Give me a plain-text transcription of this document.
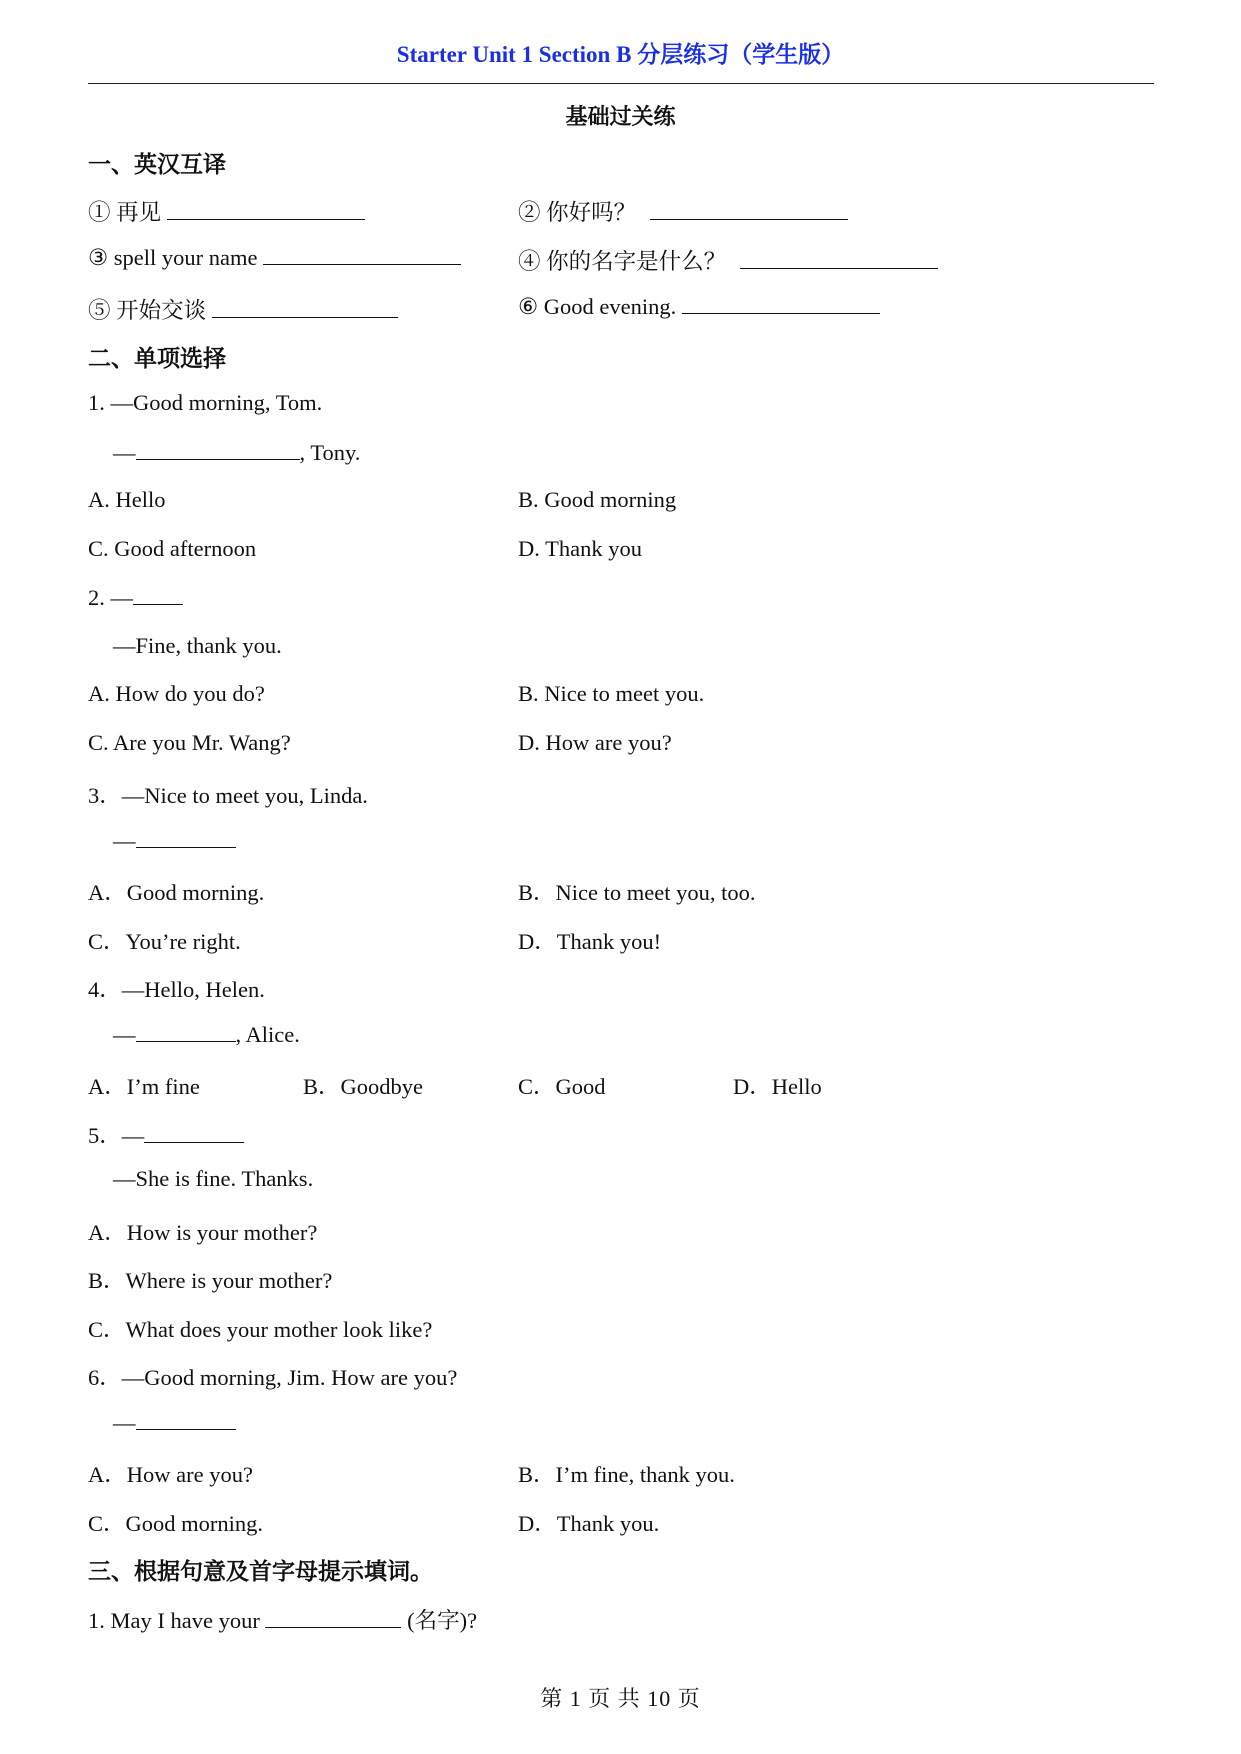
Starter Unit 1 Section B 分层练习（学生版）
基础过关练
一、英汉互译
① 再见	② 你好吗？
③ spell your name	④ 你的名字是什么？
⑤ 开始交谈	⑥ Good evening.
二、单项选择
1. —Good morning, Tom.
—	, Tony.
A. Hello	B. Good morning
C. Good afternoon	D. Thank you
2. —
—Fine, thank you.
A. How do you do?	B. Nice to meet you.
C. Are you Mr. Wang?	D. How are you?
3．—Nice to meet you, Linda.
—
A．Good morning.	B．Nice to meet you, too.
C．You’re right.	D．Thank you!
4．—Hello, Helen.
—	, Alice.
A．I’m fine	B．Goodbye	C．Good	D．Hello
5．—
—She is fine. Thanks.
A．How is your mother?
B．Where is your mother?
C．What does your mother look like?
6．—Good morning, Jim. How are you?
—
A．How are you?	B．I’m fine, thank you.
C．Good morning.	D．Thank you.
三、根据句意及首字母提示填词。
1. May I have your	(名字)?
第 1 页 共 10 页
